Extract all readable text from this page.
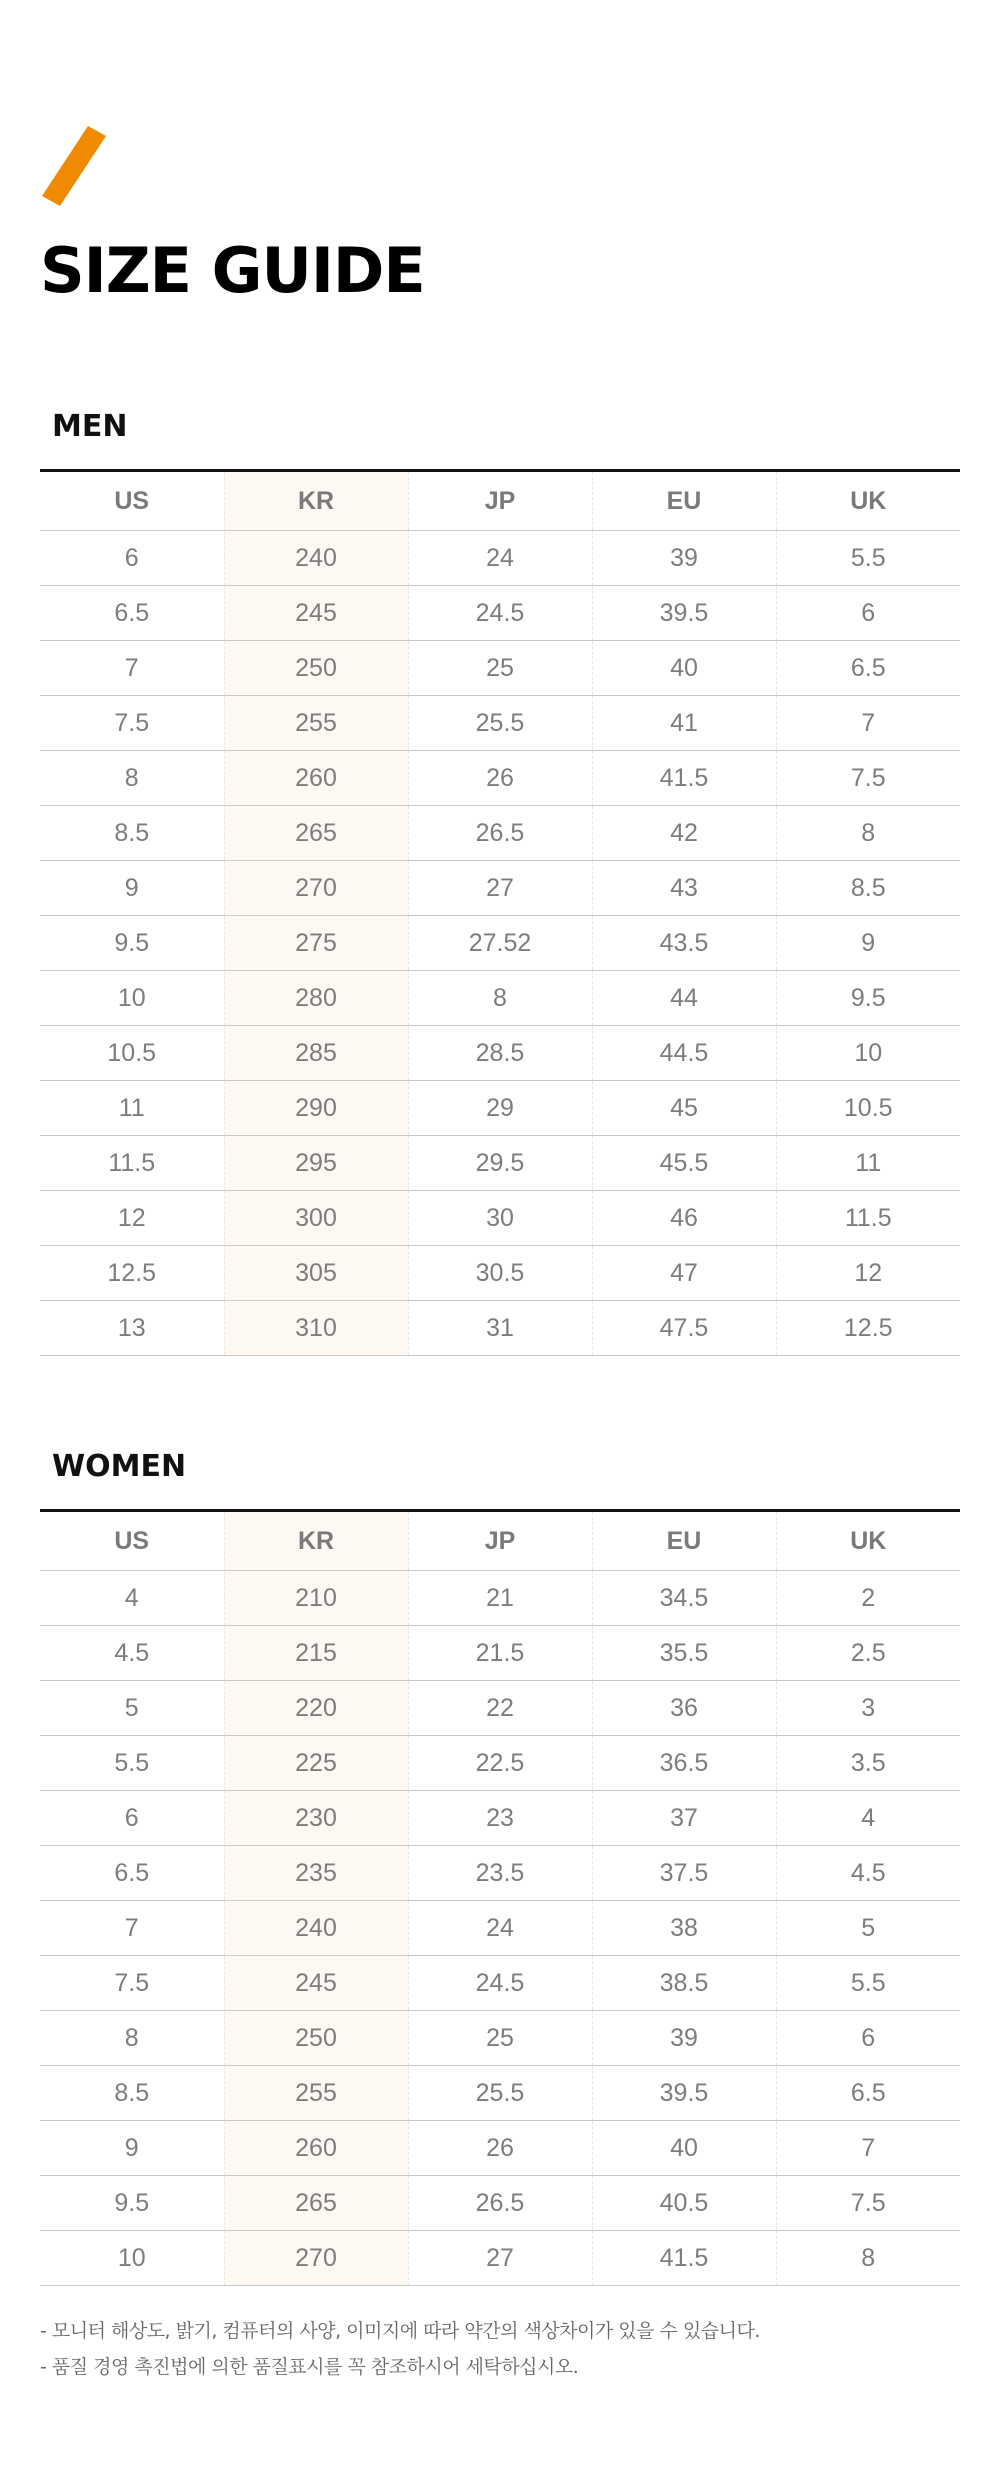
SIZE GUIDE
MEN
US	KR	JP	EU	UK
6	240	24	39	5.5
6.5	245	24.5	39.5	6
7	250	25	40	6.5
7.5	255	25.5	41	7
8	260	26	41.5	7.5
8.5	265	26.5	42	8
9	270	27	43	8.5
9.5	275	27.52	43.5	9
10	280	8	44	9.5
10.5	285	28.5	44.5	10
11	290	29	45	10.5
11.5	295	29.5	45.5	11
12	300	30	46	11.5
12.5	305	30.5	47	12
13	310	31	47.5	12.5
WOMEN
US	KR	JP	EU	UK
4	210	21	34.5	2
4.5	215	21.5	35.5	2.5
5	220	22	36	3
5.5	225	22.5	36.5	3.5
6	230	23	37	4
6.5	235	23.5	37.5	4.5
7	240	24	38	5
7.5	245	24.5	38.5	5.5
8	250	25	39	6
8.5	255	25.5	39.5	6.5
9	260	26	40	7
9.5	265	26.5	40.5	7.5
10	270	27	41.5	8

- 모니터 해상도, 밝기, 컴퓨터의 사양, 이미지에 따라 약간의 색상차이가 있을 수 있습니다.

- 품질 경영 촉진법에 의한 품질표시를 꼭 참조하시어 세탁하십시오.
